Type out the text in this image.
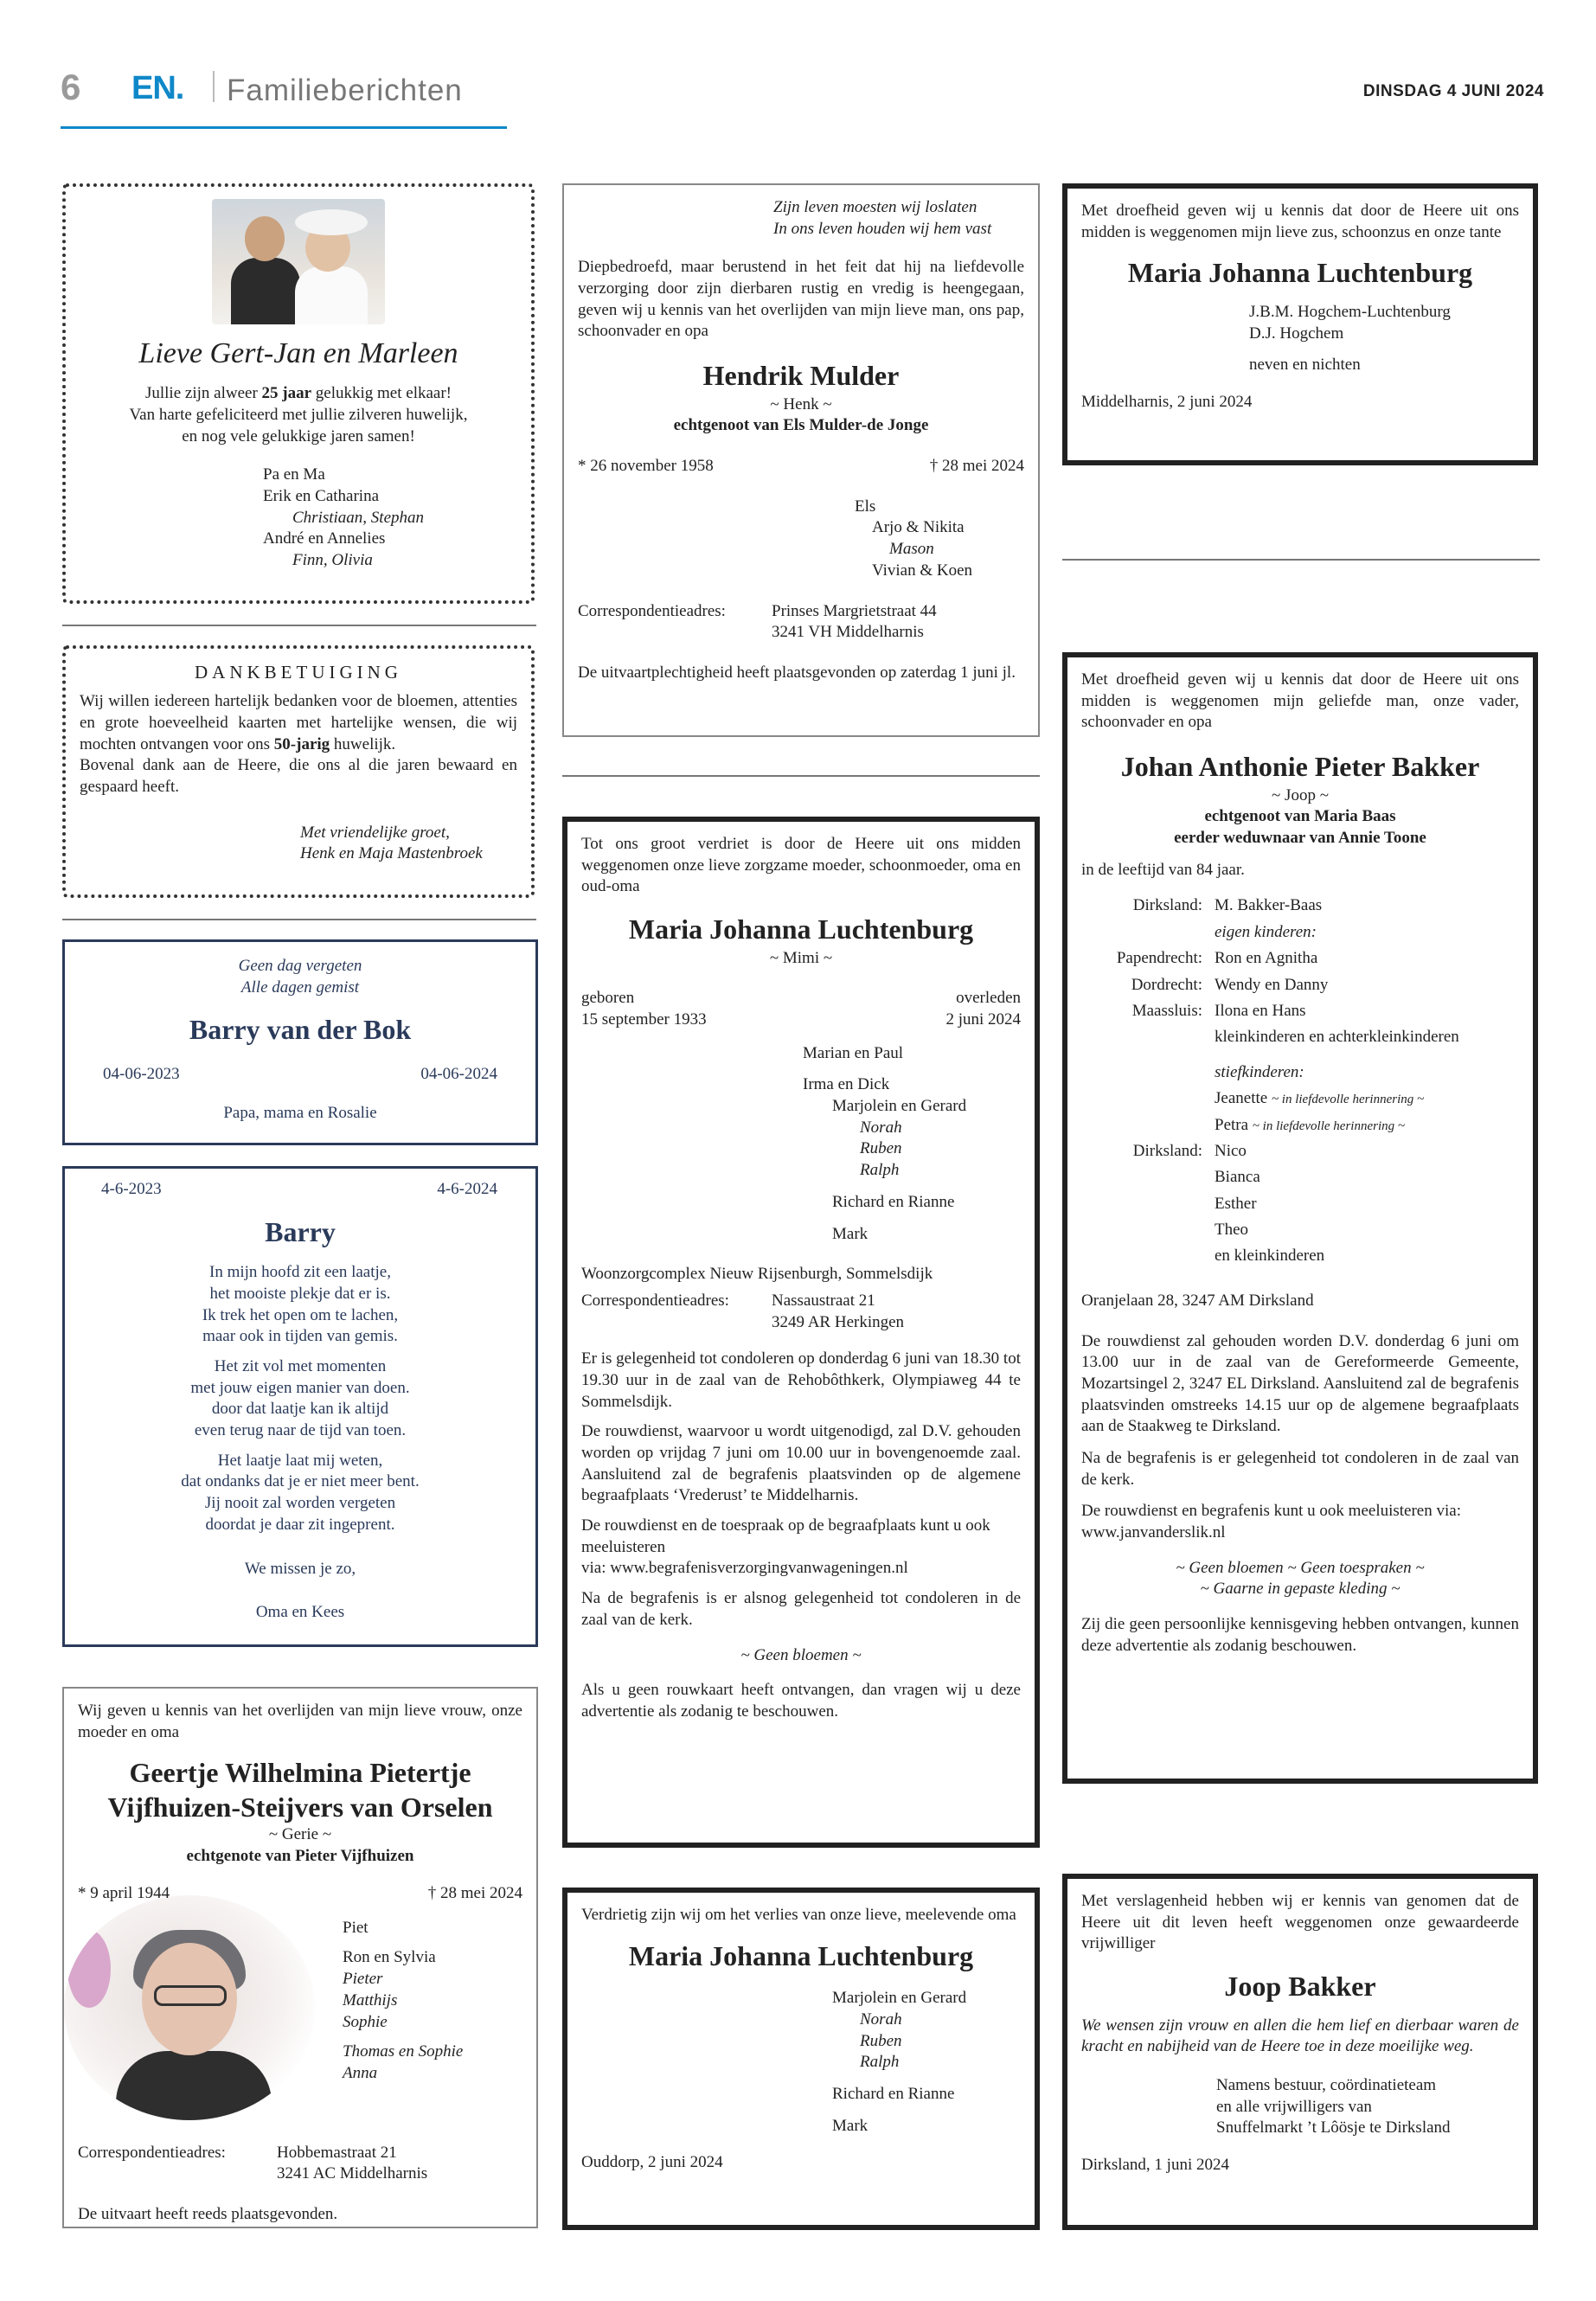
6 EN. Familieberichten	DINSDAG 4 JUNI 2024
Lieve Gert-Jan en Marleen
Jullie zijn alweer 25 jaar gelukkig met elkaar!
Van harte gefeliciteerd met jullie zilveren huwelijk,
en nog vele gelukkige jaren samen!
Pa en Ma
Erik en Catharina
Christiaan, Stephan
André en Annelies
Finn, Olivia
DANKBETUIGING
Wij willen iedereen hartelijk bedanken voor de bloemen, attenties en grote hoeveelheid kaarten met hartelijke wensen, die wij mochten ontvangen voor ons 50-jarig huwelijk.
Bovenal dank aan de Heere, die ons al die jaren bewaard en gespaard heeft.
Met vriendelijke groet,
Henk en Maja Mastenbroek
Geen dag vergeten
Alle dagen gemist
Barry van der Bok
04-06-2023	04-06-2024
Papa, mama en Rosalie
4-6-2023	4-6-2024
Barry
In mijn hoofd zit een laatje,
het mooiste plekje dat er is.
Ik trek het open om te lachen,
maar ook in tijden van gemis.
Het zit vol met momenten
met jouw eigen manier van doen.
door dat laatje kan ik altijd
even terug naar de tijd van toen.
Het laatje laat mij weten,
dat ondanks dat je er niet meer bent.
Jij nooit zal worden vergeten
doordat je daar zit ingeprent.
We missen je zo,
Oma en Kees
Wij geven u kennis van het overlijden van mijn lieve vrouw, onze moeder en oma
Geertje Wilhelmina Pietertje
Vijfhuizen-Steijvers van Orselen
~ Gerie ~
echtgenote van Pieter Vijfhuizen
* 9 april 1944	† 28 mei 2024
Piet
Ron en Sylvia
Pieter
Matthijs
Sophie
Thomas en Sophie
Anna
Correspondentieadres:	Hobbemastraat 21
3241 AC Middelharnis
De uitvaart heeft reeds plaatsgevonden.
Zijn leven moesten wij loslaten
In ons leven houden wij hem vast
Diepbedroefd, maar berustend in het feit dat hij na liefdevolle verzorging door zijn dierbaren rustig en vredig is heengegaan, geven wij u kennis van het overlijden van mijn lieve man, ons pap, schoonvader en opa
Hendrik Mulder
~ Henk ~
echtgenoot van Els Mulder-de Jonge
* 26 november 1958	† 28 mei 2024
Els
Arjo & Nikita
Mason
Vivian & Koen
Correspondentieadres:	Prinses Margrietstraat 44
3241 VH Middelharnis
De uitvaartplechtigheid heeft plaatsgevonden op zaterdag 1 juni jl.
Tot ons groot verdriet is door de Heere uit ons midden weggenomen onze lieve zorgzame moeder, schoonmoeder, oma en oud-oma
Maria Johanna Luchtenburg
~ Mimi ~
geboren
15 september 1933
overleden
2 juni 2024
Marian en Paul
Irma en Dick
Marjolein en Gerard
Norah
Ruben
Ralph
Richard en Rianne
Mark
Woonzorgcomplex Nieuw Rijsenburgh, Sommelsdijk
Correspondentieadres:	Nassaustraat 21
3249 AR Herkingen
Er is gelegenheid tot condoleren op donderdag 6 juni van 18.30 tot 19.30 uur in de zaal van de Rehobôthkerk, Olympiaweg 44 te Sommelsdijk.
De rouwdienst, waarvoor u wordt uitgenodigd, zal D.V. gehouden worden op vrijdag 7 juni om 10.00 uur in bovengenoemde zaal. Aansluitend zal de begrafenis plaatsvinden op de algemene begraafplaats ‘Vrederust’ te Middelharnis.
De rouwdienst en de toespraak op de begraafplaats kunt u ook meeluisteren
via: www.begrafenisverzorgingvanwageningen.nl
Na de begrafenis is er alsnog gelegenheid tot condoleren in de zaal van de kerk.
~ Geen bloemen ~
Als u geen rouwkaart heeft ontvangen, dan vragen wij u deze advertentie als zodanig te beschouwen.
Verdrietig zijn wij om het verlies van onze lieve, meelevende oma
Maria Johanna Luchtenburg
Marjolein en Gerard
Norah
Ruben
Ralph
Richard en Rianne
Mark
Ouddorp, 2 juni 2024
Met droefheid geven wij u kennis dat door de Heere uit ons midden is weggenomen mijn lieve zus, schoonzus en onze tante
Maria Johanna Luchtenburg
J.B.M. Hogchem-Luchtenburg
D.J. Hogchem
neven en nichten
Middelharnis, 2 juni 2024
Met droefheid geven wij u kennis dat door de Heere uit ons midden is weggenomen mijn geliefde man, onze vader, schoonvader en opa
Johan Anthonie Pieter Bakker
~ Joop ~
echtgenoot van Maria Baas
eerder weduwnaar van Annie Toone
in de leeftijd van 84 jaar.
Dirksland: M. Bakker-Baas
eigen kinderen:
Papendrecht: Ron en Agnitha
Dordrecht: Wendy en Danny
Maassluis: Ilona en Hans
kleinkinderen en achterkleinkinderen
stiefkinderen:
Jeanette ~ in liefdevolle herinnering ~
Petra ~ in liefdevolle herinnering ~
Dirksland: Nico
Bianca
Esther
Theo
en kleinkinderen
Oranjelaan 28, 3247 AM Dirksland
De rouwdienst zal gehouden worden D.V. donderdag 6 juni om 13.00 uur in de zaal van de Gereformeerde Gemeente, Mozartsingel 2, 3247 EL Dirksland. Aansluitend zal de begrafenis plaatsvinden omstreeks 14.15 uur op de algemene begraafplaats aan de Staakweg te Dirksland.
Na de begrafenis is er gelegenheid tot condoleren in de zaal van de kerk.
De rouwdienst en begrafenis kunt u ook meeluisteren via: www.janvanderslik.nl
~ Geen bloemen ~ Geen toespraken ~
~ Gaarne in gepaste kleding ~
Zij die geen persoonlijke kennisgeving hebben ontvangen, kunnen deze advertentie als zodanig beschouwen.
Met verslagenheid hebben wij er kennis van genomen dat de Heere uit dit leven heeft weggenomen onze gewaardeerde vrijwilliger
Joop Bakker
We wensen zijn vrouw en allen die hem lief en dierbaar waren de kracht en nabijheid van de Heere toe in deze moeilijke weg.
Namens bestuur, coördinatieteam
en alle vrijwilligers van
Snuffelmarkt ’t Lôösje te Dirksland
Dirksland, 1 juni 2024
